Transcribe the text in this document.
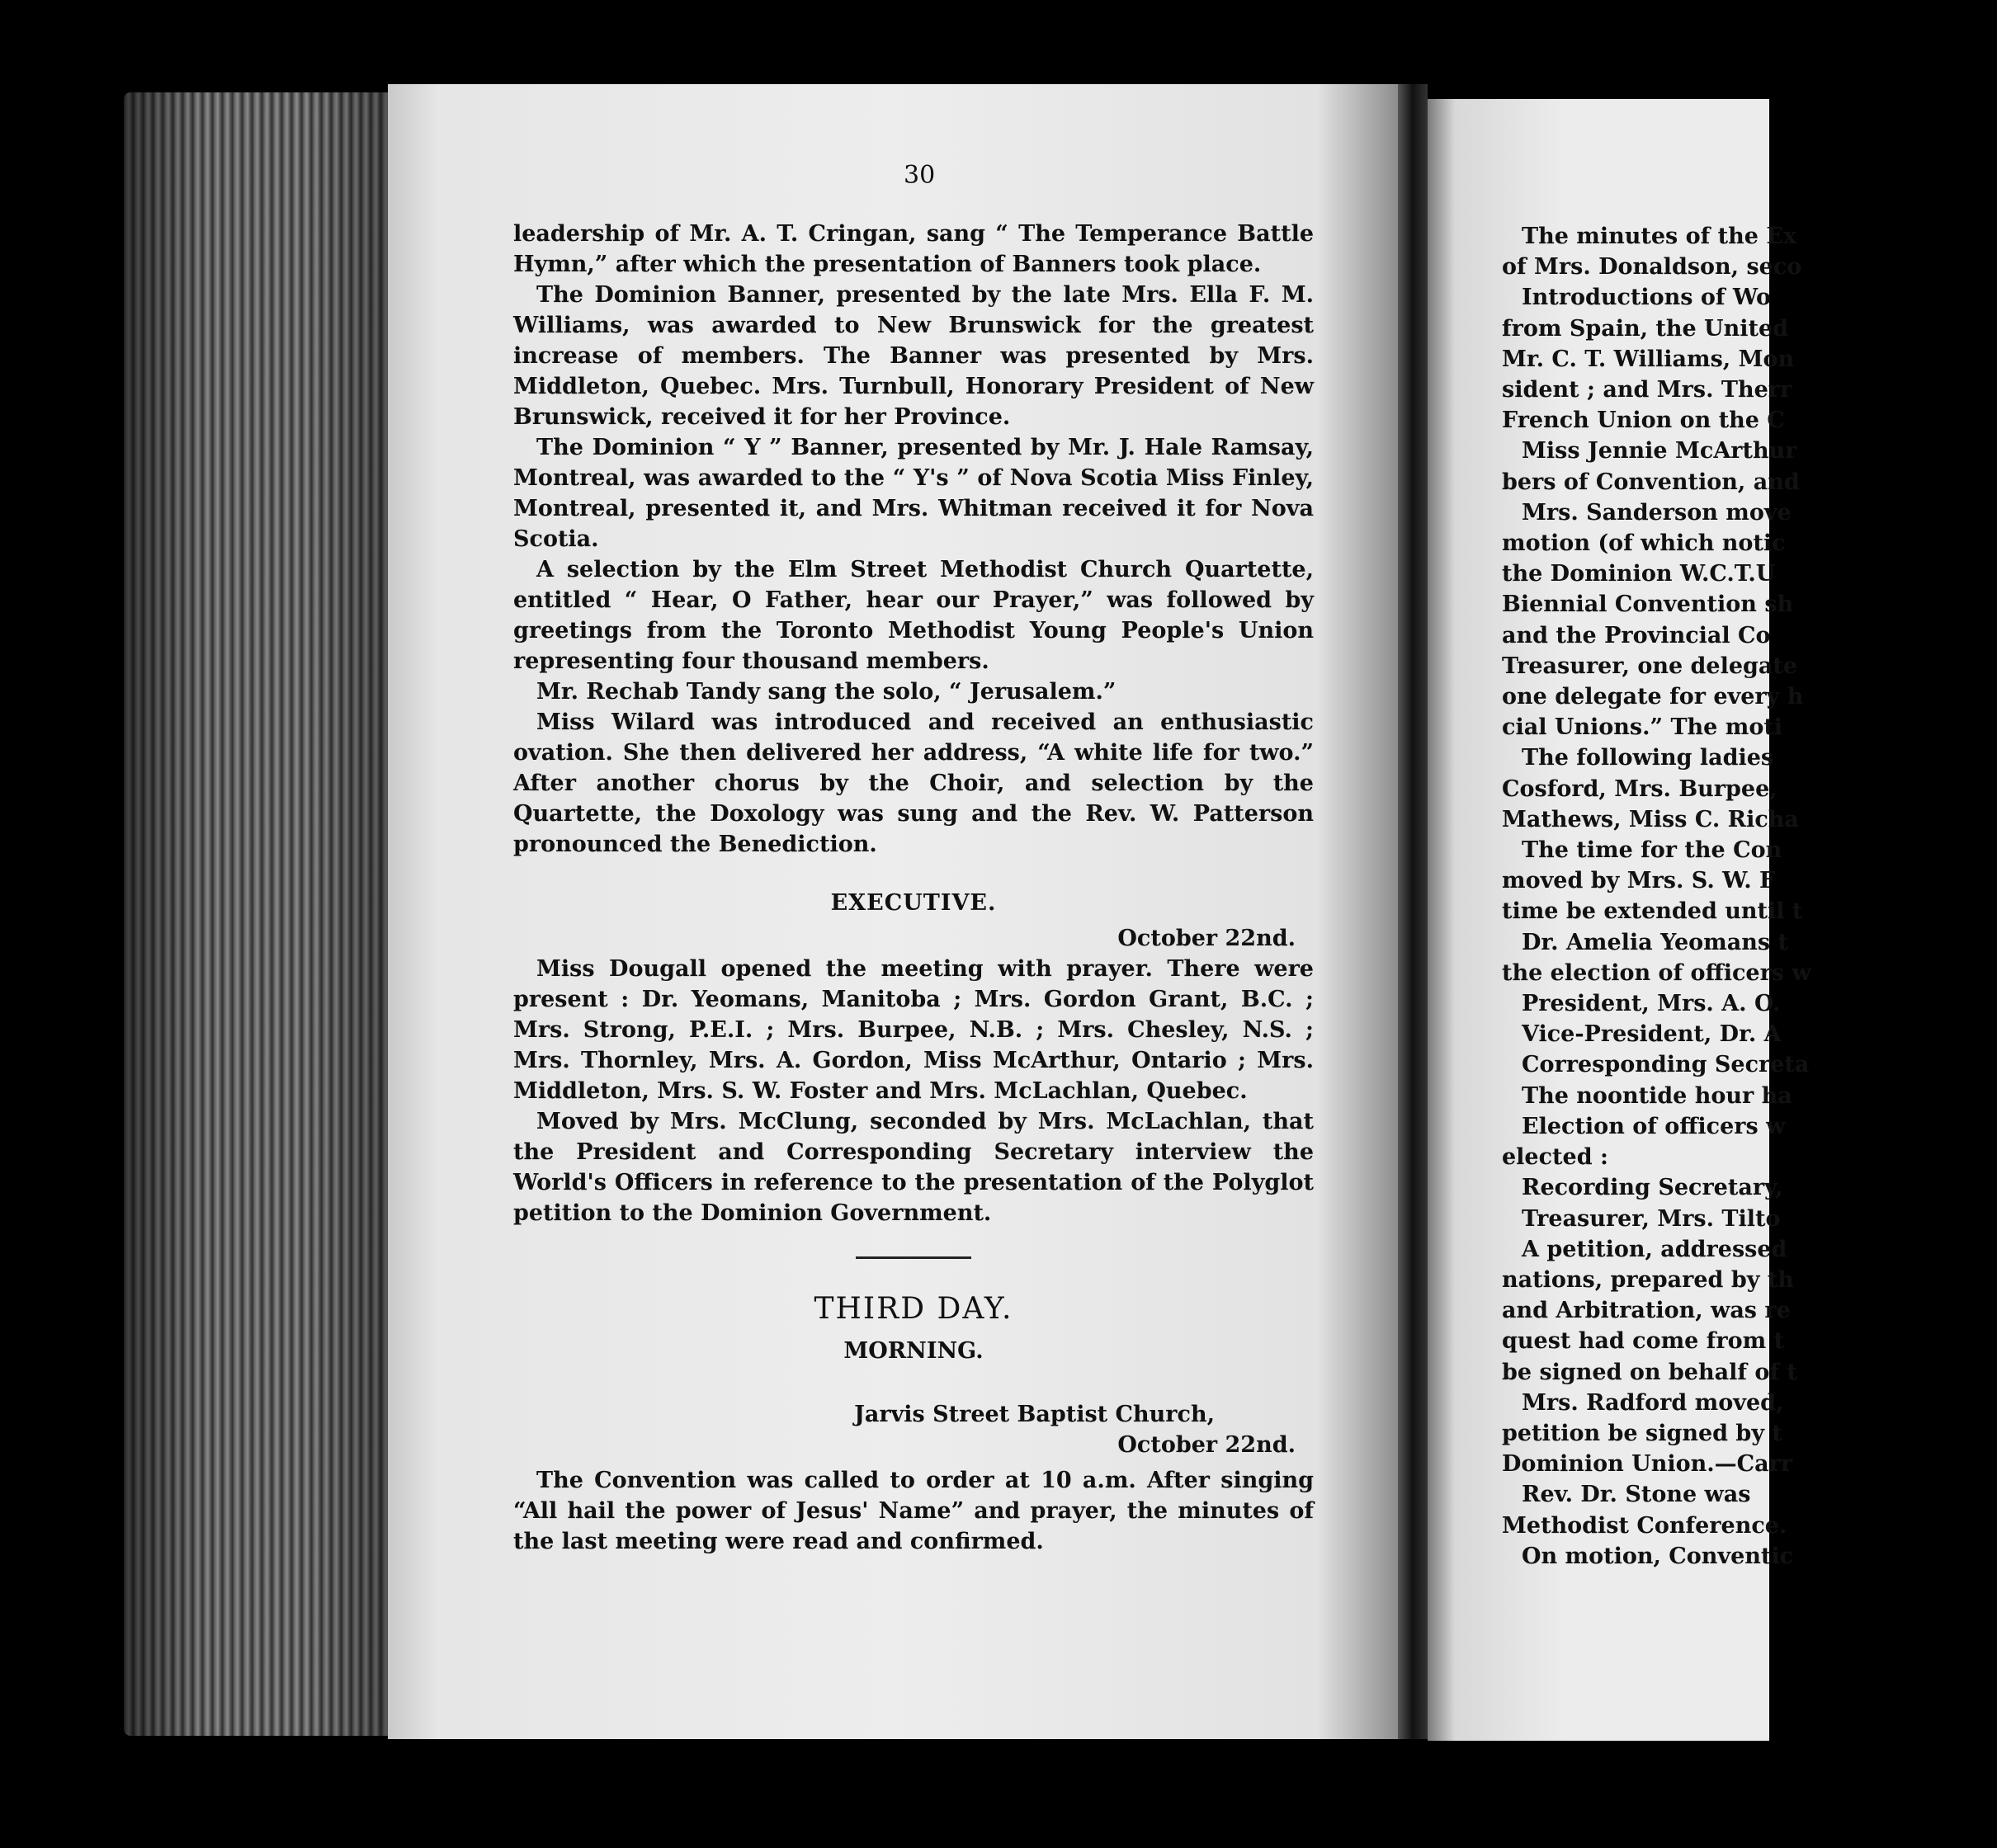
The minutes of the Ex
of Mrs. Donaldson, seco
Introductions of Wo
from Spain, the United
Mr. C. T. Williams, Mon
sident ; and Mrs. Therr
French Union on the C
Miss Jennie McArthur
bers of Convention, and
Mrs. Sanderson move
motion (of which notic
the Dominion W.C.T.U
Biennial Convention sh
and the Provincial Co
Treasurer, one delegate
one delegate for every h
cial Unions.” The moti
The following ladies
Cosford, Mrs. Burpee,
Mathews, Miss C. Richa
The time for the Con
moved by Mrs. S. W. F
time be extended until t
Dr. Amelia Yeomans t
the election of officers w
President, Mrs. A. O.
Vice-President, Dr. A
Corresponding Secreta
The noontide hour ha
Election of officers w
elected :
Recording Secretary,
Treasurer, Mrs. Tilto
A petition, addressed
nations, prepared by th
and Arbitration, was re
quest had come from t
be signed on behalf of t
Mrs. Radford moved,
petition be signed by t
Dominion Union.—Carr
Rev. Dr. Stone was
Methodist Conference.
On motion, Conventic
30

leadership of Mr. A. T. Cringan, sang “ The Temperance Battle Hymn,” after which the presentation of Banners took place.

The Dominion Banner, presented by the late Mrs. Ella F. M. Williams, was awarded to New Brunswick for the greatest increase of members. The Banner was presented by Mrs. Middleton, Quebec. Mrs. Turnbull, Honorary President of New Brunswick, received it for her Province.

The Dominion “ Y ” Banner, presented by Mr. J. Hale Ramsay, Montreal, was awarded to the “ Y's ” of Nova Scotia Miss Finley, Montreal, presented it, and Mrs. Whitman received it for Nova Scotia.

A selection by the Elm Street Methodist Church Quartette, entitled “ Hear, O Father, hear our Prayer,” was followed by greetings from the Toronto Methodist Young People's Union representing four thousand members.

Mr. Rechab Tandy sang the solo, “ Jerusalem.”

Miss Wilard was introduced and received an enthusiastic ovation. She then delivered her address, “A white life for two.” After another chorus by the Choir, and selection by the Quartette, the Doxology was sung and the Rev. W. Patterson pronounced the Benediction.

EXECUTIVE.

October 22nd.

Miss Dougall opened the meeting with prayer. There were present : Dr. Yeomans, Manitoba ; Mrs. Gordon Grant, B.C. ; Mrs. Strong, P.E.I. ; Mrs. Burpee, N.B. ; Mrs. Chesley, N.S. ; Mrs. Thornley, Mrs. A. Gordon, Miss McArthur, Ontario ; Mrs. Middleton, Mrs. S. W. Foster and Mrs. McLachlan, Quebec.

Moved by Mrs. McClung, seconded by Mrs. McLachlan, that the President and Corresponding Secretary interview the World's Officers in reference to the presentation of the Polyglot petition to the Dominion Government.

THIRD DAY.

MORNING.

Jarvis Street Baptist Church,

October 22nd.

The Convention was called to order at 10 a.m. After singing “All hail the power of Jesus' Name” and prayer, the minutes of the last meeting were read and confirmed.
